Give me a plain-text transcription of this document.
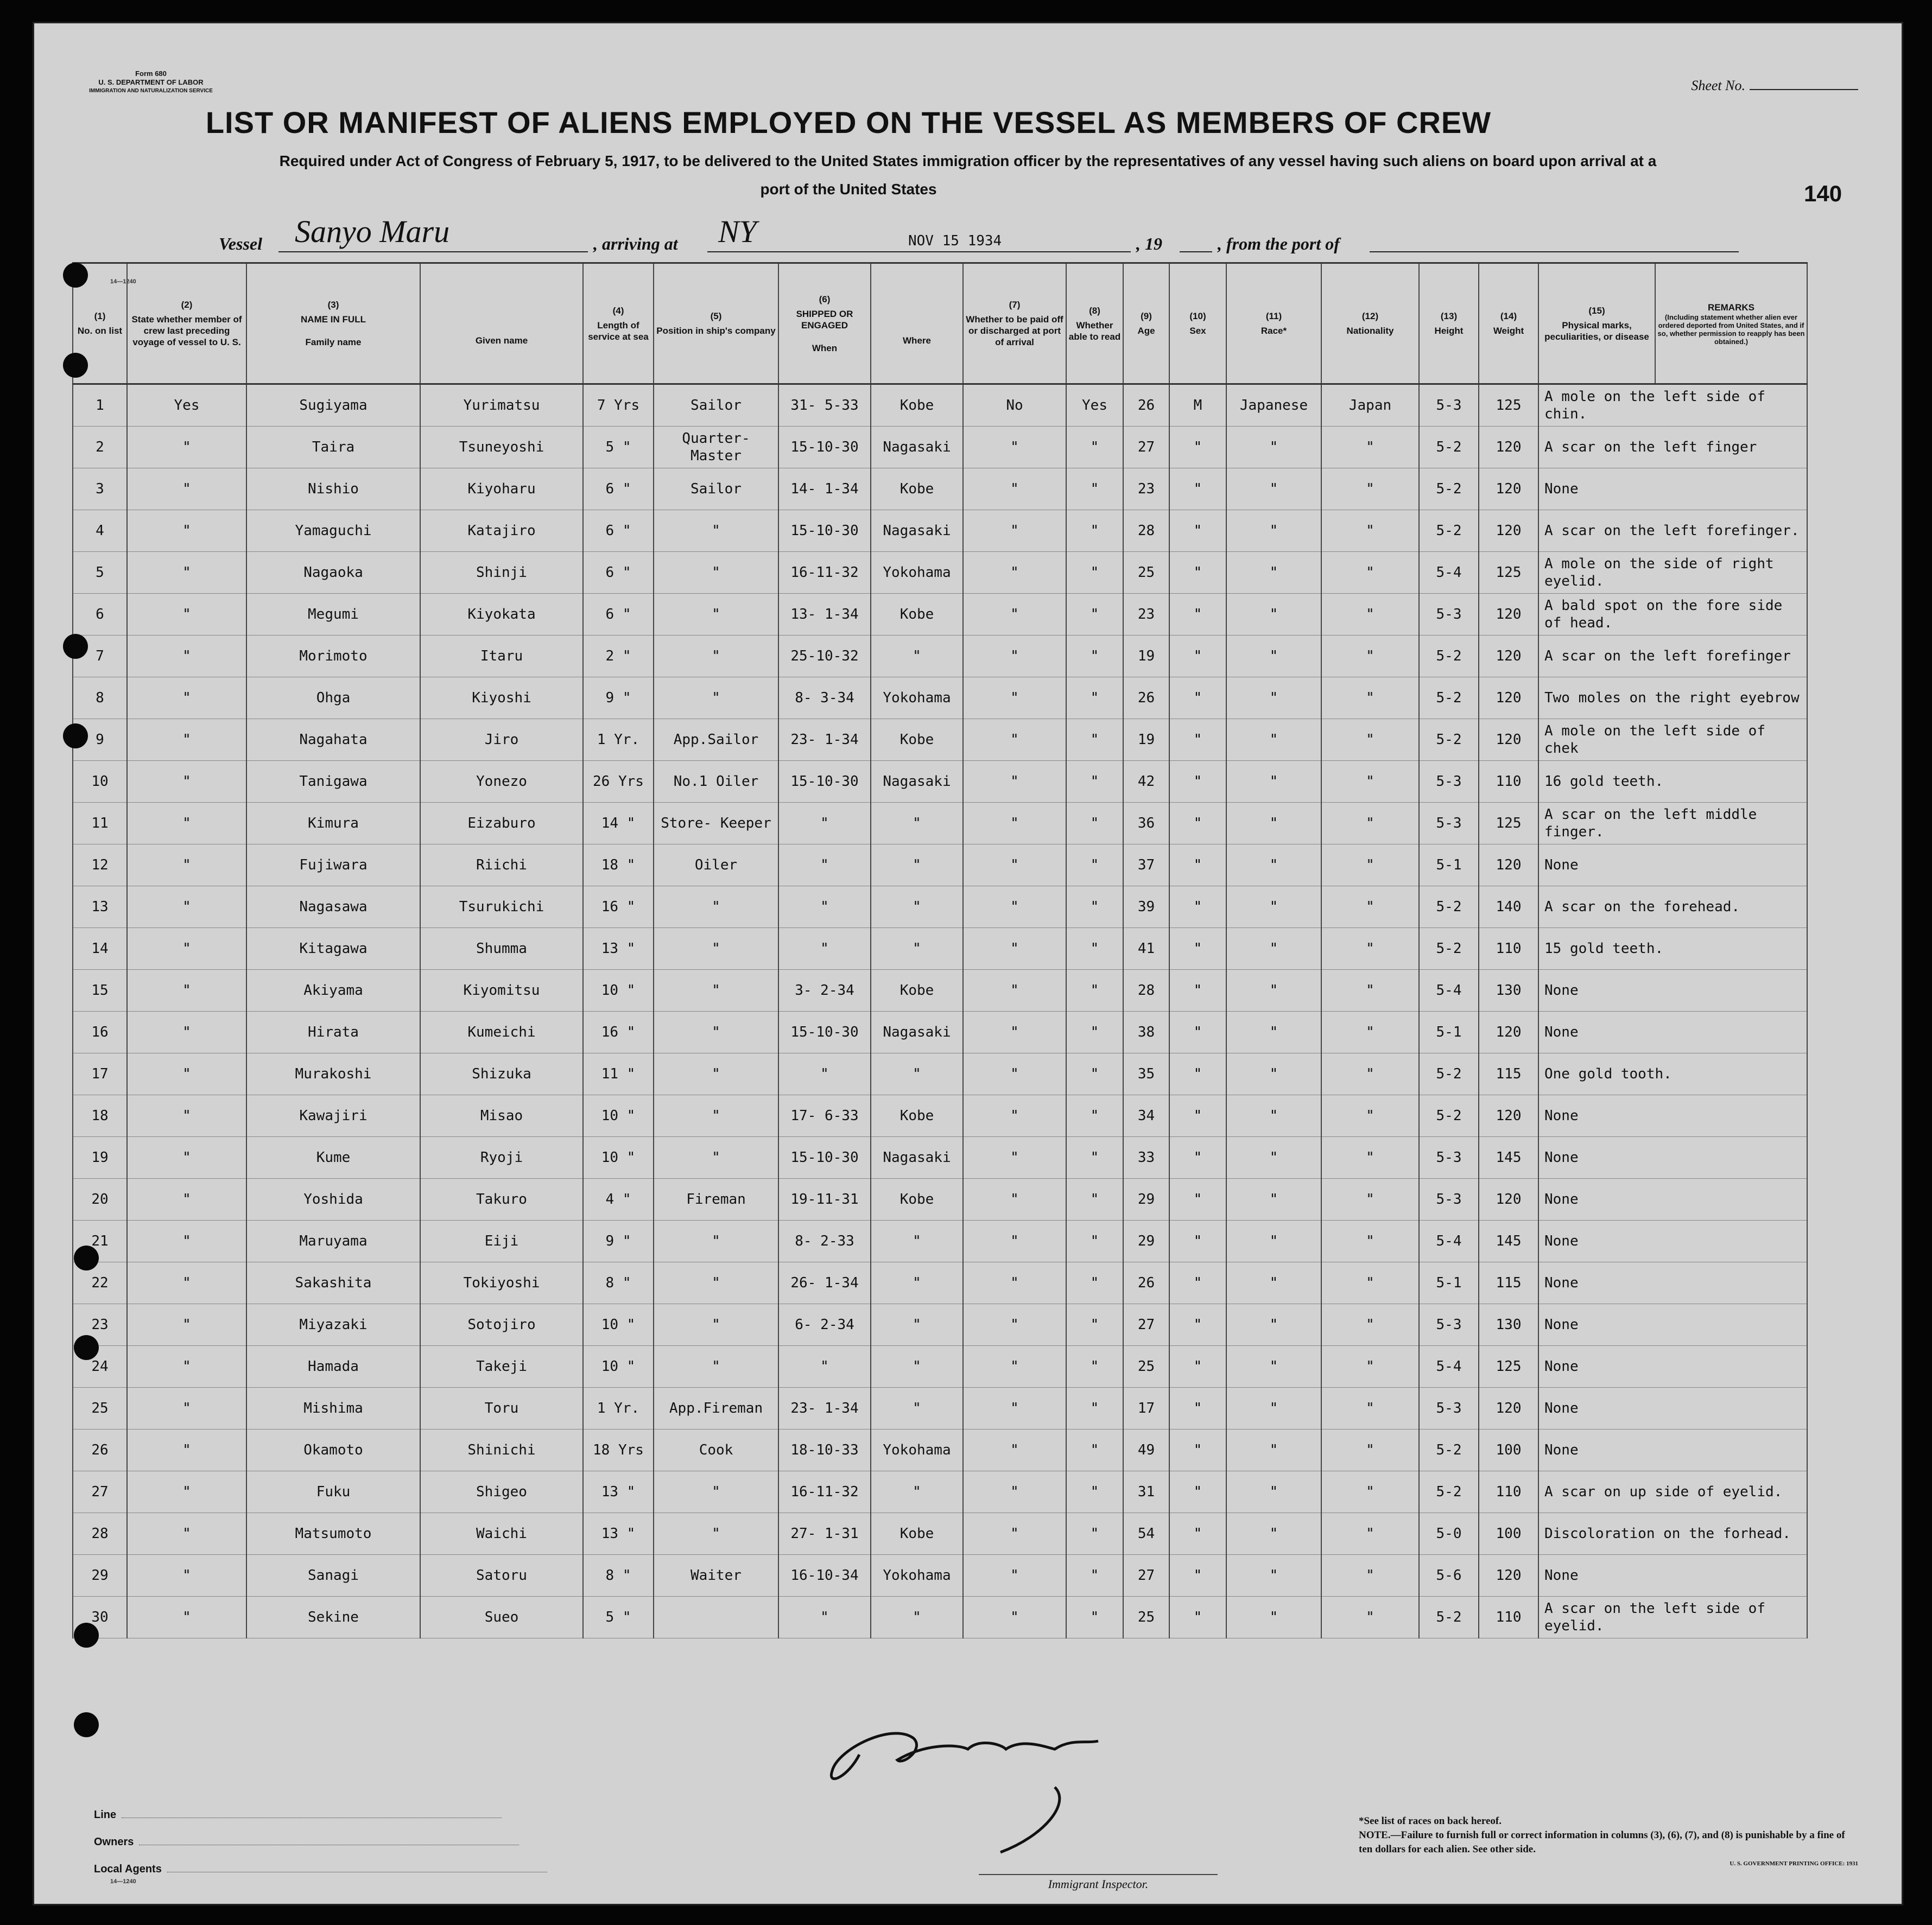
14—1240
Form 680
U. S. DEPARTMENT OF LABOR
IMMIGRATION AND NATURALIZATION SERVICE	Sheet No.
LIST OR MANIFEST OF ALIENS EMPLOYED ON THE VESSEL AS MEMBERS OF CREW
Required under Act of Congress of February 5, 1917, to be delivered to the United States immigration officer by the representatives of any vessel having such aliens on board upon arrival at a
port of the United States	140
Vessel Sanyo Maru	, arriving at NY	NOV 15 1934	, 19	, from the port of
(1)
No. on list	(2)
State whether member of crew last preceding voyage of vessel to U. S.	(3)
NAME IN FULL

Family name	Given name	(4)
Length of service at sea	(5)
Position in ship's company	(6)
SHIPPED OR ENGAGED

When	Where	(7)
Whether to be paid off or discharged at port of arrival	(8)
Whether able to read	(9)
Age	(10)
Sex	(11)
Race*	(12)
Nationality	(13)
Height	(14)
Weight	(15)
Physical marks, peculiarities, or disease	REMARKS

(Including statement whether alien ever ordered deported from United States, and if so, whether permission to reapply has been obtained.)

1	Yes	Sugiyama	Yurimatsu	7 Yrs	Sailor	31- 5-33	Kobe	No	Yes	26	M	Japanese	Japan	5-3	125	A mole on the left side of chin.	
2	"	Taira	Tsuneyoshi	5 "	Quarter- Master	15-10-30	Nagasaki	"	"	27	"	"	"	5-2	120	A scar on the left finger	
3	"	Nishio	Kiyoharu	6 "	Sailor	14- 1-34	Kobe	"	"	23	"	"	"	5-2	120	None	
4	"	Yamaguchi	Katajiro	6 "	"	15-10-30	Nagasaki	"	"	28	"	"	"	5-2	120	A scar on the left forefinger.	
5	"	Nagaoka	Shinji	6 "	"	16-11-32	Yokohama	"	"	25	"	"	"	5-4	125	A mole on the side of right eyelid.	
6	"	Megumi	Kiyokata	6 "	"	13- 1-34	Kobe	"	"	23	"	"	"	5-3	120	A bald spot on the fore side of head.	
7	"	Morimoto	Itaru	2 "	"	25-10-32	"	"	"	19	"	"	"	5-2	120	A scar on the left forefinger	
8	"	Ohga	Kiyoshi	9 "	"	8- 3-34	Yokohama	"	"	26	"	"	"	5-2	120	Two moles on the right eyebrow	
9	"	Nagahata	Jiro	1 Yr.	App.Sailor	23- 1-34	Kobe	"	"	19	"	"	"	5-2	120	A mole on the left side of chek	
10	"	Tanigawa	Yonezo	26 Yrs	No.1 Oiler	15-10-30	Nagasaki	"	"	42	"	"	"	5-3	110	16 gold teeth.	
11	"	Kimura	Eizaburo	14 "	Store- Keeper	"	"	"	"	36	"	"	"	5-3	125	A scar on the left middle finger.	
12	"	Fujiwara	Riichi	18 "	Oiler	"	"	"	"	37	"	"	"	5-1	120	None	
13	"	Nagasawa	Tsurukichi	16 "	"	"	"	"	"	39	"	"	"	5-2	140	A scar on the forehead.	
14	"	Kitagawa	Shumma	13 "	"	"	"	"	"	41	"	"	"	5-2	110	15 gold teeth.	
15	"	Akiyama	Kiyomitsu	10 "	"	3- 2-34	Kobe	"	"	28	"	"	"	5-4	130	None	
16	"	Hirata	Kumeichi	16 "	"	15-10-30	Nagasaki	"	"	38	"	"	"	5-1	120	None	
17	"	Murakoshi	Shizuka	11 "	"	"	"	"	"	35	"	"	"	5-2	115	One gold tooth.	
18	"	Kawajiri	Misao	10 "	"	17- 6-33	Kobe	"	"	34	"	"	"	5-2	120	None	
19	"	Kume	Ryoji	10 "	"	15-10-30	Nagasaki	"	"	33	"	"	"	5-3	145	None	
20	"	Yoshida	Takuro	4 "	Fireman	19-11-31	Kobe	"	"	29	"	"	"	5-3	120	None	
21	"	Maruyama	Eiji	9 "	"	8- 2-33	"	"	"	29	"	"	"	5-4	145	None	
22	"	Sakashita	Tokiyoshi	8 "	"	26- 1-34	"	"	"	26	"	"	"	5-1	115	None	
23	"	Miyazaki	Sotojiro	10 "	"	6- 2-34	"	"	"	27	"	"	"	5-3	130	None	
24	"	Hamada	Takeji	10 "	"	"	"	"	"	25	"	"	"	5-4	125	None	
25	"	Mishima	Toru	1 Yr.	App.Fireman	23- 1-34	"	"	"	17	"	"	"	5-3	120	None	
26	"	Okamoto	Shinichi	18 Yrs	Cook	18-10-33	Yokohama	"	"	49	"	"	"	5-2	100	None	
27	"	Fuku	Shigeo	13 "	"	16-11-32	"	"	"	31	"	"	"	5-2	110	A scar on up side of eyelid.	
28	"	Matsumoto	Waichi	13 "	"	27- 1-31	Kobe	"	"	54	"	"	"	5-0	100	Discoloration on the forhead.	
29	"	Sanagi	Satoru	8 "	Waiter	16-10-34	Yokohama	"	"	27	"	"	"	5-6	120	None	
30	"	Sekine	Sueo	5 "		"	"	"	"	25	"	"	"	5-2	110	A scar on the left side of eyelid.	
Line
Owners
Local Agents
14—1240	Immigrant Inspector.
*See list of races on back hereof.
NOTE.—Failure to furnish full or correct information in columns (3), (6), (7), and (8) is punishable by a fine of ten dollars for each alien. See other side.
U. S. GOVERNMENT PRINTING OFFICE: 1931
